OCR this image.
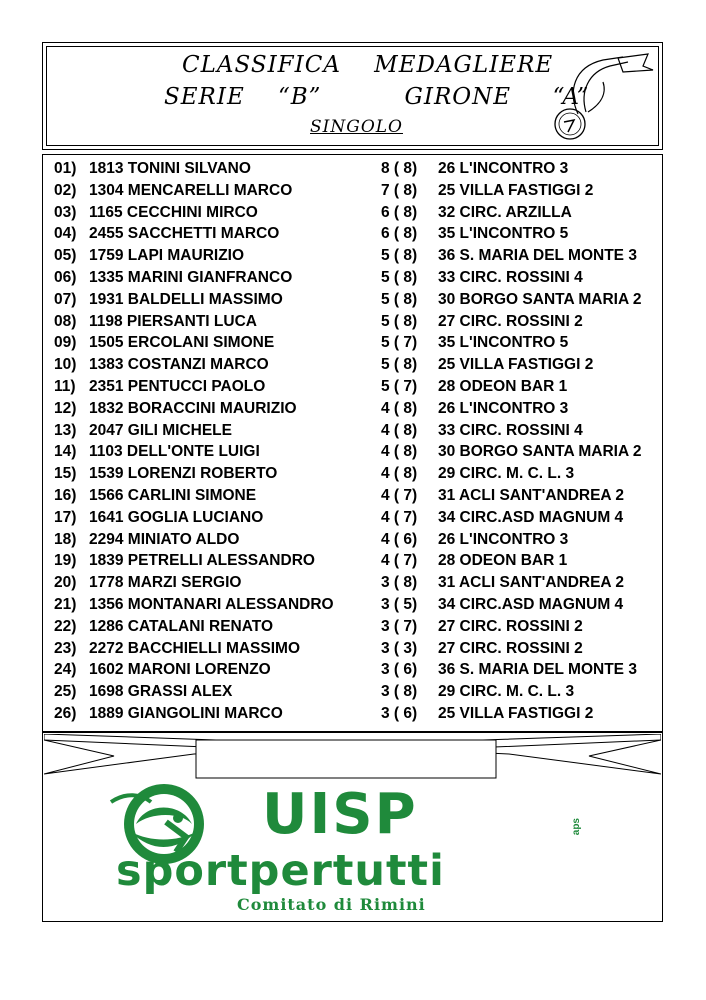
CLASSIFICA    MEDAGLIERE
SERIE    “B”          GIRONE     “A”
SINGOLO
01) 1813 TONINI SILVANO	8 ( 8) 26 L'INCONTRO 3
02) 1304 MENCARELLI MARCO	7 ( 8) 25 VILLA FASTIGGI 2
03) 1165 CECCHINI MIRCO	6 ( 8) 32 CIRC. ARZILLA
04) 2455 SACCHETTI MARCO	6 ( 8) 35 L'INCONTRO 5
05) 1759 LAPI MAURIZIO	5 ( 8) 36 S. MARIA DEL MONTE 3
06) 1335 MARINI GIANFRANCO	5 ( 8) 33 CIRC. ROSSINI 4
07) 1931 BALDELLI MASSIMO	5 ( 8) 30 BORGO SANTA MARIA 2
08) 1198 PIERSANTI LUCA	5 ( 8) 27 CIRC. ROSSINI 2
09) 1505 ERCOLANI SIMONE	5 ( 7) 35 L'INCONTRO 5
10) 1383 COSTANZI MARCO	5 ( 8) 25 VILLA FASTIGGI 2
11) 2351 PENTUCCI PAOLO	5 ( 7) 28 ODEON BAR 1
12) 1832 BORACCINI MAURIZIO	4 ( 8) 26 L'INCONTRO 3
13) 2047 GILI MICHELE	4 ( 8) 33 CIRC. ROSSINI 4
14) 1103 DELL'ONTE LUIGI	4 ( 8) 30 BORGO SANTA MARIA 2
15) 1539 LORENZI ROBERTO	4 ( 8) 29 CIRC. M. C. L. 3
16) 1566 CARLINI SIMONE	4 ( 7) 31 ACLI SANT'ANDREA 2
17) 1641 GOGLIA LUCIANO	4 ( 7) 34 CIRC.ASD MAGNUM 4
18) 2294 MINIATO ALDO	4 ( 6) 26 L'INCONTRO 3
19) 1839 PETRELLI ALESSANDRO	4 ( 7) 28 ODEON BAR 1
20) 1778 MARZI SERGIO	3 ( 8) 31 ACLI SANT'ANDREA 2
21) 1356 MONTANARI ALESSANDRO	3 ( 5) 34 CIRC.ASD MAGNUM 4
22) 1286 CATALANI RENATO	3 ( 7) 27 CIRC. ROSSINI 2
23) 2272 BACCHIELLI MASSIMO	3 ( 3) 27 CIRC. ROSSINI 2
24) 1602 MARONI LORENZO	3 ( 6) 36 S. MARIA DEL MONTE 3
25) 1698 GRASSI ALEX	3 ( 8) 29 CIRC. M. C. L. 3
26) 1889 GIANGOLINI MARCO	3 ( 6) 25 VILLA FASTIGGI 2
UISP UISP	aps
sportpertutti
Comitato di Rimini
